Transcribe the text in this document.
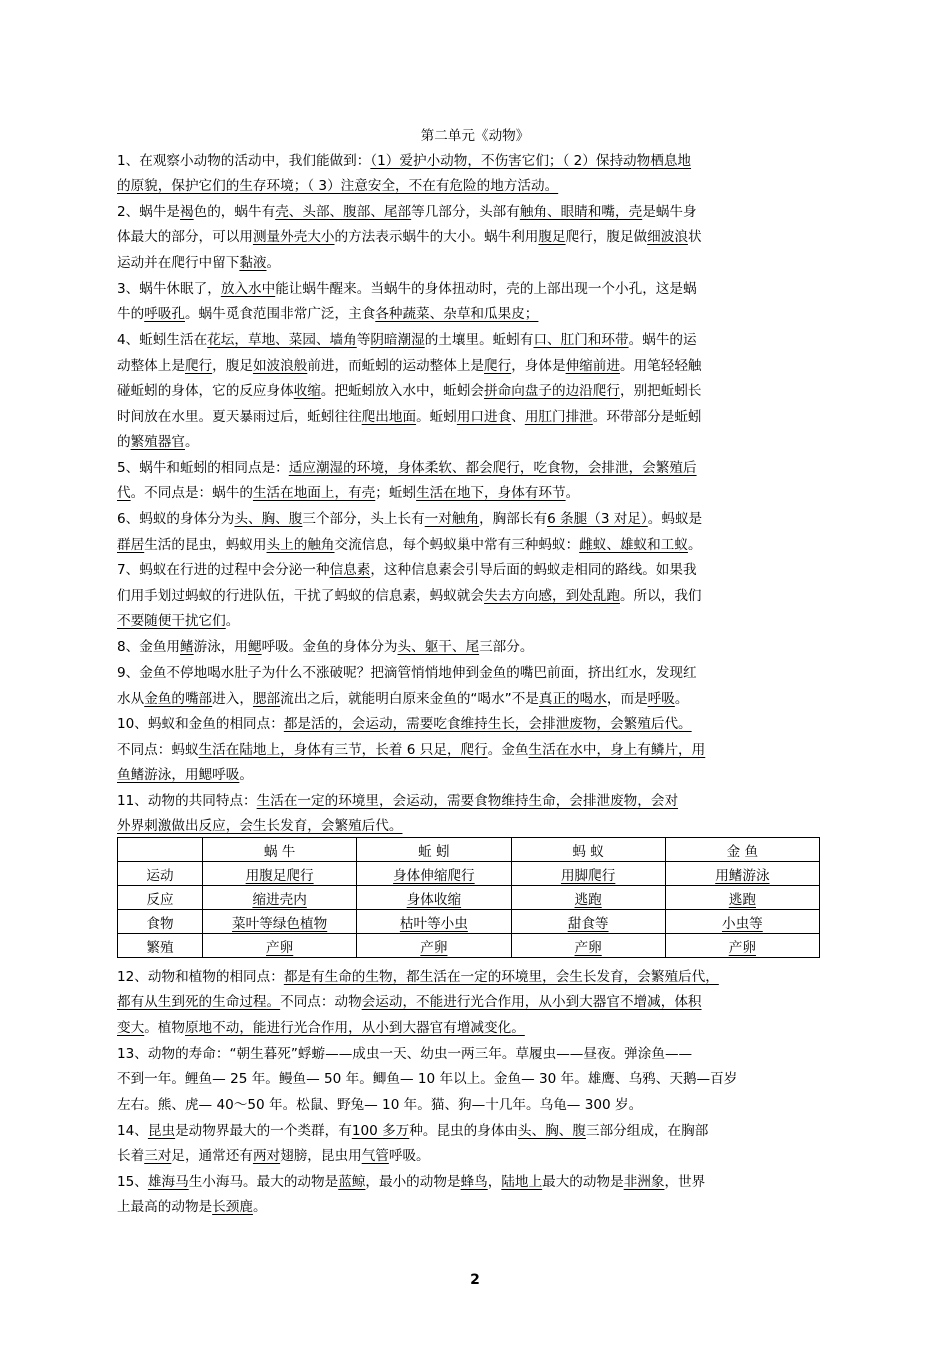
第二单元《动物》
1、在观察小动物的活动中，我们能做到：（1）爱护小动物，不伤害它们；（ 2）保持动物栖息地
的原貌，保护它们的生存环境；（ 3）注意安全，不在有危险的地方活动。
2、蜗牛是褐色的，蜗牛有壳、头部、腹部、尾部等几部分，头部有触角、眼睛和嘴，壳是蜗牛身
体最大的部分，可以用测量外壳大小的方法表示蜗牛的大小。蜗牛利用腹足爬行，腹足做细波浪状
运动并在爬行中留下黏液。
3、蜗牛休眠了，放入水中能让蜗牛醒来。当蜗牛的身体扭动时，壳的上部出现一个小孔，这是蜗
牛的呼吸孔。蜗牛觅食范围非常广泛，主食各种蔬菜、杂草和瓜果皮；
4、蚯蚓生活在花坛，草地、菜园、墙角等阴暗潮湿的土壤里。蚯蚓有口、肛门和环带。蜗牛的运
动整体上是爬行，腹足如波浪般前进，而蚯蚓的运动整体上是爬行，身体是伸缩前进。用笔轻轻触
碰蚯蚓的身体，它的反应身体收缩。把蚯蚓放入水中，蚯蚓会拼命向盘子的边沿爬行，别把蚯蚓长
时间放在水里。夏天暴雨过后，蚯蚓往往爬出地面。蚯蚓用口进食、用肛门排泄。环带部分是蚯蚓
的繁殖器官。
5、蜗牛和蚯蚓的相同点是：适应潮湿的环境，身体柔软、都会爬行，吃食物，会排泄，会繁殖后
代。不同点是：蜗牛的生活在地面上，有壳；蚯蚓生活在地下，身体有环节。
6、蚂蚁的身体分为头、胸、腹三个部分，头上长有一对触角，胸部长有6 条腿（3 对足）。蚂蚁是
群居生活的昆虫，蚂蚁用头上的触角交流信息，每个蚂蚁巢中常有三种蚂蚁：雌蚁、雄蚁和工蚁。
7、蚂蚁在行进的过程中会分泌一种信息素，这种信息素会引导后面的蚂蚁走相同的路线。如果我
们用手划过蚂蚁的行进队伍，干扰了蚂蚁的信息素，蚂蚁就会失去方向感，到处乱跑。所以，我们
不要随便干扰它们。
8、金鱼用鳍游泳，用鳃呼吸。金鱼的身体分为头、躯干、尾三部分。
9、金鱼不停地喝水肚子为什么不涨破呢？把滴管悄悄地伸到金鱼的嘴巴前面，挤出红水，发现红
水从金鱼的嘴部进入，腮部流出之后，就能明白原来金鱼的“喝水”不是真正的喝水，而是呼吸。
10、蚂蚁和金鱼的相同点：都是活的，会运动，需要吃食维持生长，会排泄废物，会繁殖后代。
不同点：蚂蚁生活在陆地上，身体有三节，长着 6 只足，爬行。金鱼生活在水中，身上有鳞片，用
鱼鳍游泳，用鳃呼吸。
11、动物的共同特点：生活在一定的环境里，会运动，需要食物维持生命，会排泄废物，会对
外界刺激做出反应，会生长发育，会繁殖后代。
	蜗 牛	蚯 蚓	蚂 蚁	金 鱼
运动	用腹足爬行	身体伸缩爬行	用脚爬行	用鳍游泳
反应	缩进壳内	身体收缩	逃跑	逃跑
食物	菜叶等绿色植物	枯叶等小虫	甜食等	小虫等
繁殖	产卵	产卵	产卵	产卵
12、动物和植物的相同点：都是有生命的生物，都生活在一定的环境里，会生长发育，会繁殖后代，
都有从生到死的生命过程。不同点：动物会运动，不能进行光合作用，从小到大器官不增减，体积
变大。植物原地不动，能进行光合作用，从小到大器官有增减变化。
13、动物的寿命：“朝生暮死”蜉蝣——成虫一天、幼虫一两三年。草履虫——昼夜。弹涂鱼——
不到一年。鲤鱼— 25 年。鳗鱼— 50 年。鲫鱼— 10 年以上。金鱼— 30 年。雄鹰、乌鸦、天鹅—百岁
左右。熊、虎— 40～50 年。松鼠、野兔— 10 年。猫、狗—十几年。乌龟— 300 岁。
14、昆虫是动物界最大的一个类群，有100 多万种。昆虫的身体由头、胸、腹三部分组成，在胸部
长着三对足，通常还有两对翅膀，昆虫用气管呼吸。
15、雄海马生小海马。最大的动物是蓝鲸，最小的动物是蜂鸟，陆地上最大的动物是非洲象，世界
上最高的动物是长颈鹿。
2
